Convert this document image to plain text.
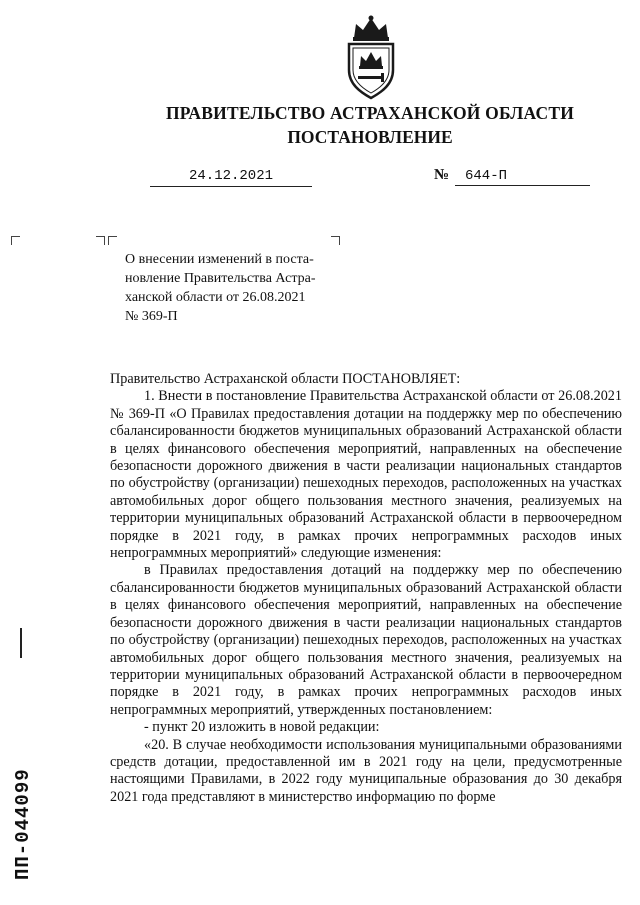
ПРАВИТЕЛЬСТВО АСТРАХАНСКОЙ ОБЛАСТИ
ПОСТАНОВЛЕНИЕ
24.12.2021	№	644-П
О внесении изменений в поста-
новление Правительства Астра-
ханской области от 26.08.2021
№ 369-П

Правительство Астраханской области ПОСТАНОВЛЯЕТ:

1. Внести в постановление Правительства Астраханской области от 26.08.2021 № 369-П «О Правилах предоставления дотации на поддержку мер по обеспечению сбалансированности бюджетов муниципальных образований Астраханской области в целях финансового обеспечения мероприятий, направленных на обеспечение безопасности дорожного движения в части реализации национальных стандартов по обустройству (организации) пешеходных переходов, расположенных на участках автомобильных дорог общего пользования местного значения, реализуемых на территории муниципальных образований Астраханской области в первоочередном порядке в 2021 году, в рамках прочих непрограммных расходов иных непрограммных мероприятий» следующие изменения:

в Правилах предоставления дотаций на поддержку мер по обеспечению сбалансированности бюджетов муниципальных образований Астраханской области в целях финансового обеспечения мероприятий, направленных на обеспечение безопасности дорожного движения в части реализации национальных стандартов по обустройству (организации) пешеходных переходов, расположенных на участках автомобильных дорог общего пользования местного значения, реализуемых на территории муниципальных образований Астраханской области в первоочередном порядке в 2021 году, в рамках прочих непрограммных расходов иных непрограммных мероприятий, утвержденных постановлением:

- пункт 20 изложить в новой редакции:

«20. В случае необходимости использования муниципальными образованиями средств дотации, предоставленной им в 2021 году на цели, предусмотренные настоящими Правилами, в 2022 году муниципальные образования до 30 декабря 2021 года представляют в министерство информацию по форме

ПП-044099
